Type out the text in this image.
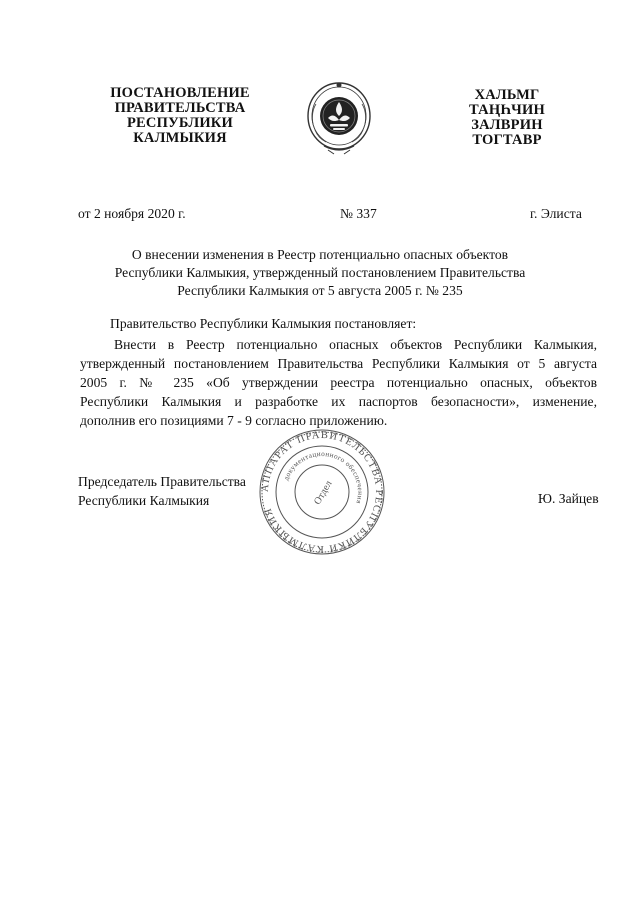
ПОСТАНОВЛЕНИЕ
ПРАВИТЕЛЬСТВА
РЕСПУБЛИКИ
КАЛМЫКИЯ
ХАЛЬМГ
ТАҢҺЧИН
ЗАЛВРИН
ТОГТАВР
от 2 ноября 2020 г.	№ 337	г. Элиста
О внесении изменения в Реестр потенциально опасных объектов
Республики Калмыкия, утвержденный постановлением Правительства
Республики Калмыкия от 5 августа 2005 г. № 235
Правительство Республики Калмыкия постановляет:
Внести в Реестр потенциально опасных объектов Республики Калмыкия,
утвержденный постановлением Правительства Республики Калмыкия от 5 августа
2005 г. № 235 «Об утверждении реестра потенциально опасных, объектов
Республики Калмыкия и разработке их паспортов безопасности», изменение,
дополнив его позициями 7 - 9 согласно приложению.
АППАРАТ ПРАВИТЕЛЬСТВА РЕСПУБЛИКИ КАЛМЫКИЯ
документационного обеспечения
Отдел
Председатель Правительства
Республики Калмыкия	Ю. Зайцев
